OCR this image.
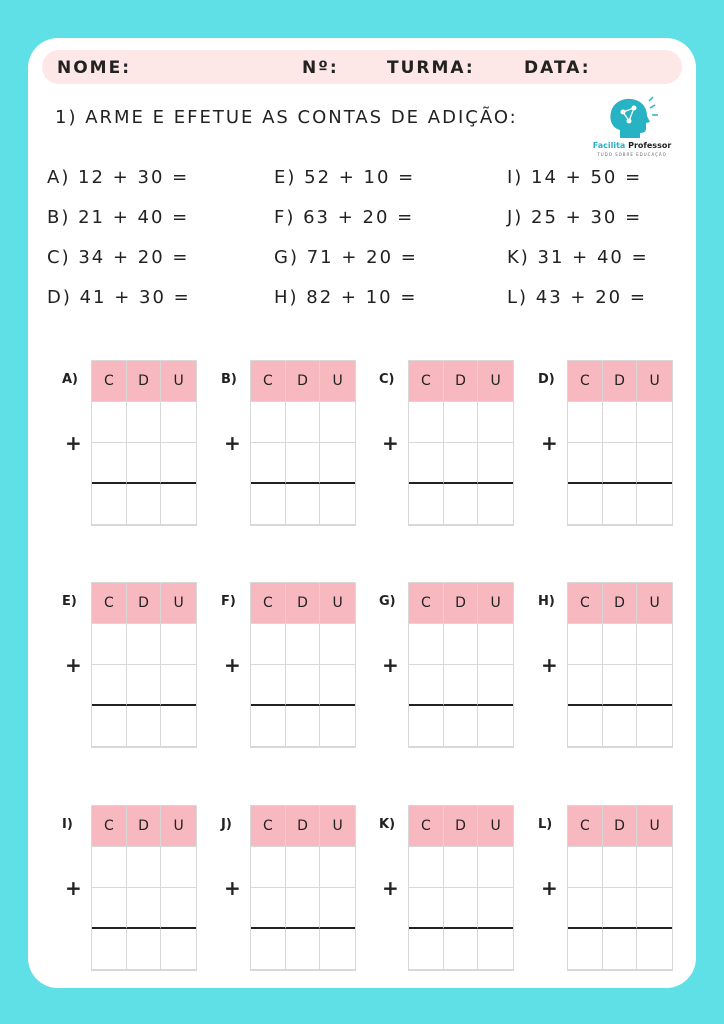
NOME:	Nº:	TURMA:	DATA:
1) ARME E EFETUE AS CONTAS DE ADIÇÃO:
Facilita Professor
TUDO SOBRE EDUCAÇÃO
A) 12 + 30 =	E) 52 + 10 =	I) 14 + 50 =
B) 21 + 40 =	F) 63 + 20 =	J) 25 + 30 =
C) 34 + 20 =	G) 71 + 20 =	K) 31 + 40 =
D) 41 + 30 =	H) 82 + 10 =	L) 43 + 20 =
A)
+
C	D	U	B)
+
C	D	U	C)
+
C	D	U	D)
+
C	D	U
E)
+
C	D	U	F)
+
C	D	U	G)
+
C	D	U	H)
+
C	D	U
I)
+
C	D	U	J)
+
C	D	U	K)
+
C	D	U	L)
+
C	D	U
